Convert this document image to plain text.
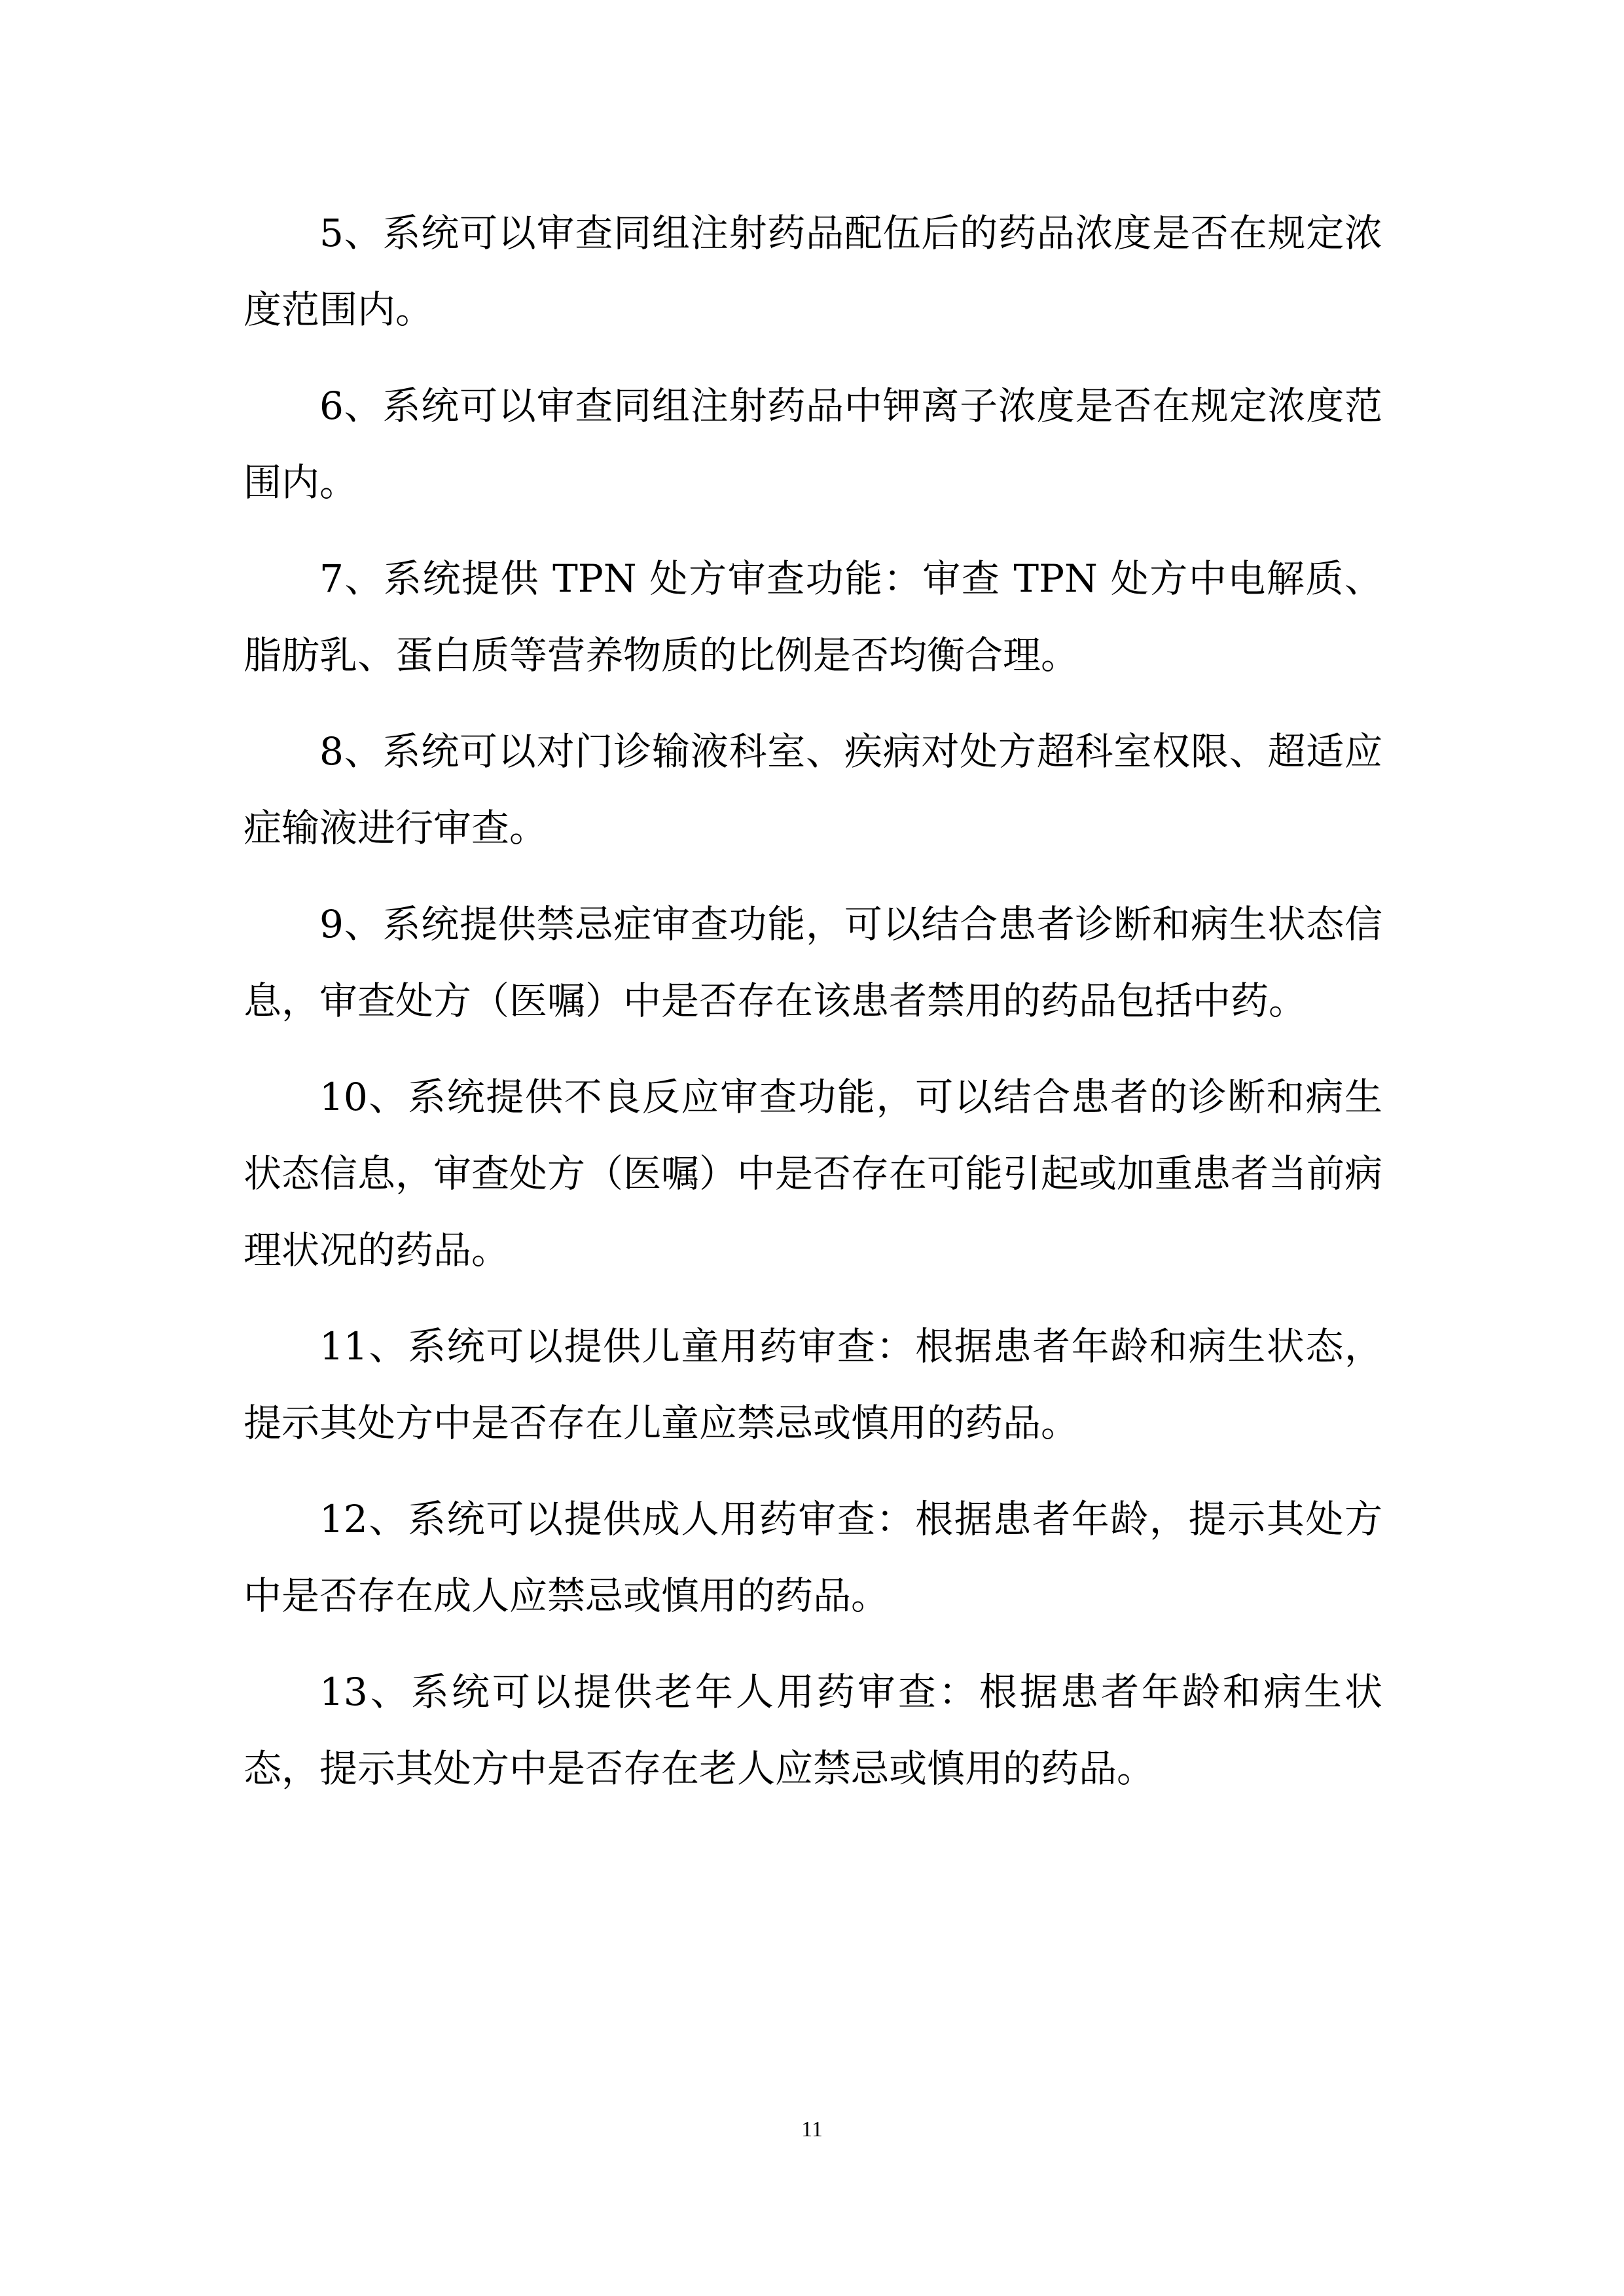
5、系统可以审查同组注射药品配伍后的药品浓度是否在规定浓度范围内。

6、系统可以审查同组注射药品中钾离子浓度是否在规定浓度范围内。

7、系统提供 TPN 处方审查功能：审查 TPN 处方中电解质、脂肪乳、蛋白质等营养物质的比例是否均衡合理。

8、系统可以对门诊输液科室、疾病对处方超科室权限、超适应症输液进行审查。

9、系统提供禁忌症审查功能，可以结合患者诊断和病生状态信息，审查处方（医嘱）中是否存在该患者禁用的药品包括中药。

10、系统提供不良反应审查功能，可以结合患者的诊断和病生状态信息，审查处方（医嘱）中是否存在可能引起或加重患者当前病理状况的药品。

11、系统可以提供儿童用药审查：根据患者年龄和病生状态，提示其处方中是否存在儿童应禁忌或慎用的药品。

12、系统可以提供成人用药审查：根据患者年龄，提示其处方中是否存在成人应禁忌或慎用的药品。

13、系统可以提供老年人用药审查：根据患者年龄和病生状态，提示其处方中是否存在老人应禁忌或慎用的药品。

11
